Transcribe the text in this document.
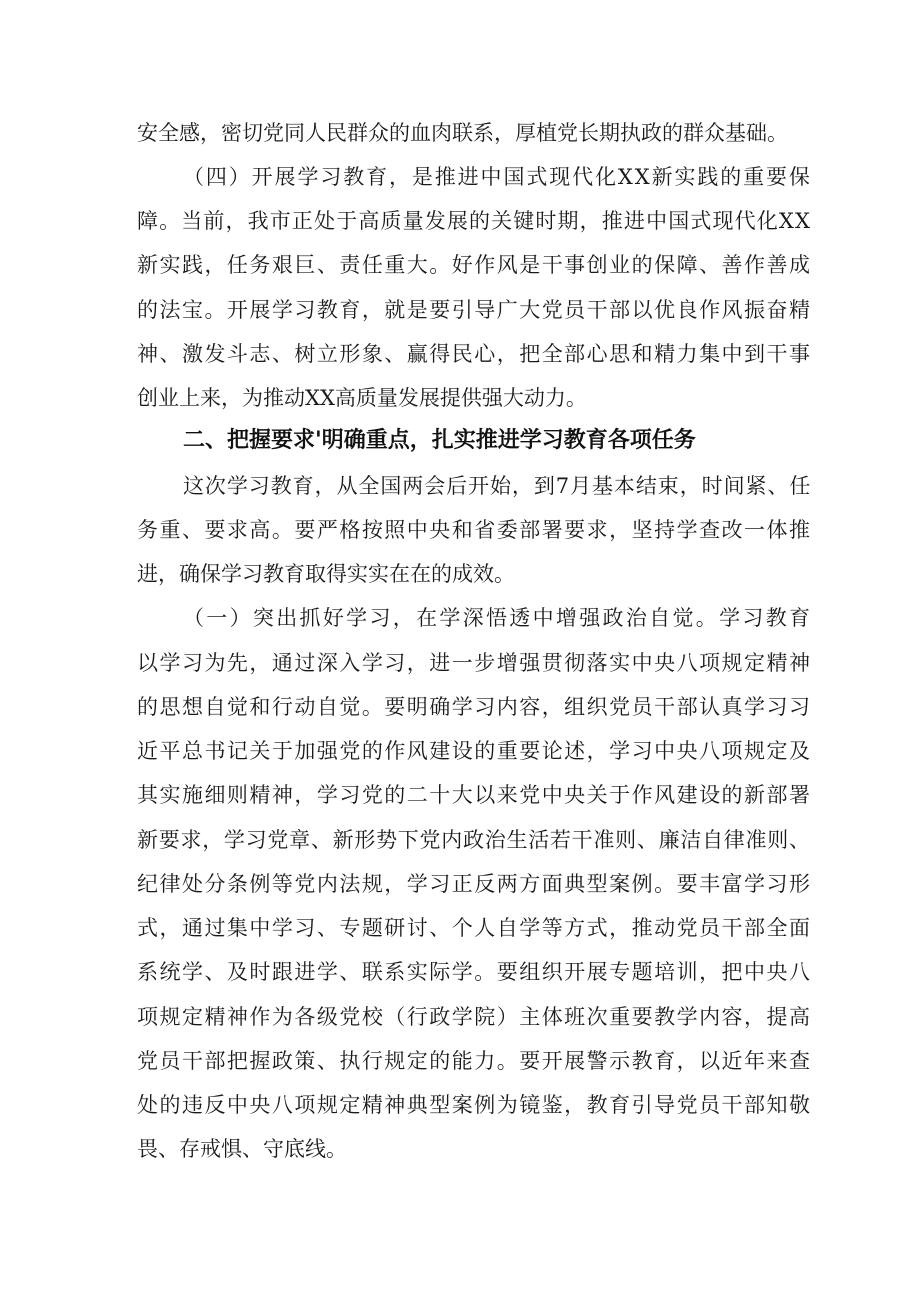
安全感，密切党同人民群众的血肉联系，厚植党长期执政的群众基础。
（四）开展学习教育，是推进中国式现代化XX新实践的重要保
障。当前，我市正处于高质量发展的关键时期，推进中国式现代化XX
新实践，任务艰巨、责任重大。好作风是干事创业的保障、善作善成
的法宝。开展学习教育，就是要引导广大党员干部以优良作风振奋精
神、激发斗志、树立形象、赢得民心，把全部心思和精力集中到干事
创业上来，为推动XX高质量发展提供强大动力。
二、把握要求'明确重点，扎实推进学习教育各项任务
这次学习教育，从全国两会后开始，到7月基本结束，时间紧、任
务重、要求高。要严格按照中央和省委部署要求，坚持学查改一体推
进，确保学习教育取得实实在在的成效。
（一）突出抓好学习，在学深悟透中增强政治自觉。学习教育
以学习为先，通过深入学习，进一步增强贯彻落实中央八项规定精神
的思想自觉和行动自觉。要明确学习内容，组织党员干部认真学习习
近平总书记关于加强党的作风建设的重要论述，学习中央八项规定及
其实施细则精神，学习党的二十大以来党中央关于作风建设的新部署
新要求，学习党章、新形势下党内政治生活若干准则、廉洁自律准则、
纪律处分条例等党内法规，学习正反两方面典型案例。要丰富学习形
式，通过集中学习、专题研讨、个人自学等方式，推动党员干部全面
系统学、及时跟进学、联系实际学。要组织开展专题培训，把中央八
项规定精神作为各级党校（行政学院）主体班次重要教学内容，提高
党员干部把握政策、执行规定的能力。要开展警示教育，以近年来查
处的违反中央八项规定精神典型案例为镜鉴，教育引导党员干部知敬
畏、存戒惧、守底线。
